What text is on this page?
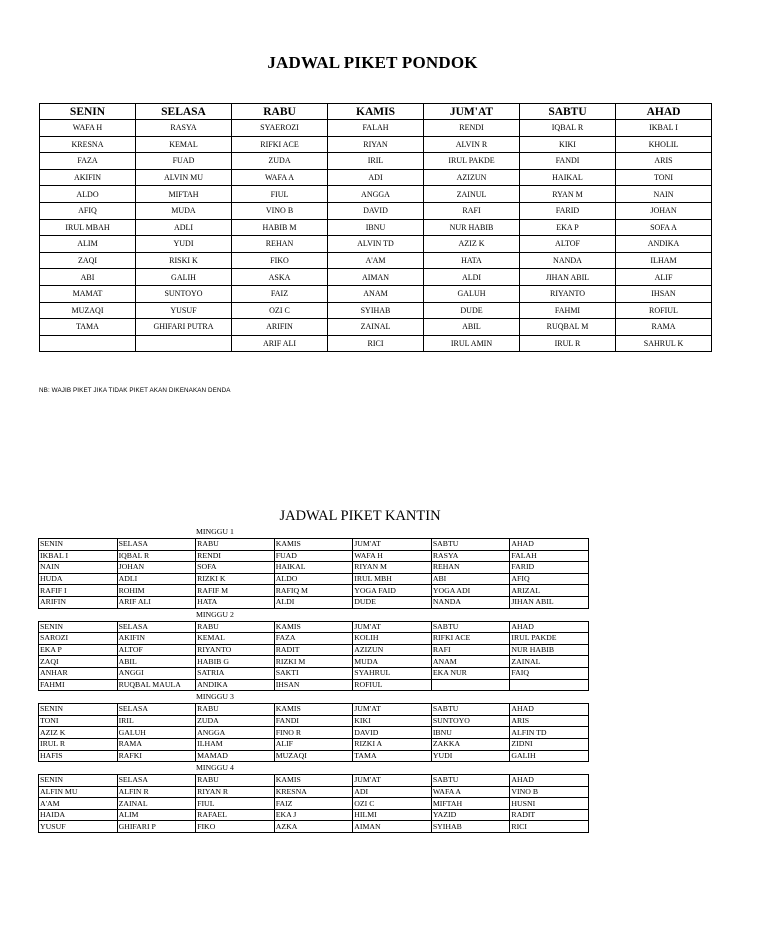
JADWAL PIKET PONDOK
SENIN	SELASA	RABU	KAMIS	JUM'AT	SABTU	AHAD
WAFA H	RASYA	SYAEROZI	FALAH	RENDI	IQBAL R	IKBAL I
KRESNA	KEMAL	RIFKI ACE	RIYAN	ALVIN R	KIKI	KHOLIL
FAZA	FUAD	ZUDA	IRIL	IRUL PAKDE	FANDI	ARIS
AKIFIN	ALVIN MU	WAFA A	ADI	AZIZUN	HAIKAL	TONI
ALDO	MIFTAH	FIUL	ANGGA	ZAINUL	RYAN M	NAIN
AFIQ	MUDA	VINO B	DAVID	RAFI	FARID	JOHAN
IRUL MBAH	ADLI	HABIB M	IBNU	NUR HABIB	EKA P	SOFA A
ALIM	YUDI	REHAN	ALVIN TD	AZIZ K	ALTOF	ANDIKA
ZAQI	RISKI K	FIKO	A'AM	HATA	NANDA	ILHAM
ABI	GALIH	ASKA	AIMAN	ALDI	JIHAN ABIL	ALIF
MAMAT	SUNTOYO	FAIZ	ANAM	GALUH	RIYANTO	IHSAN
MUZAQI	YUSUF	OZI C	SYIHAB	DUDE	FAHMI	ROFIUL
TAMA	GHIFARI PUTRA	ARIFIN	ZAINAL	ABIL	RUQBAL M	RAMA
		ARIF ALI	RICI	IRUL AMIN	IRUL R	SAHRUL K
NB: WAJIB PIKET JIKA TIDAK PIKET AKAN DIKENAKAN DENDA
JADWAL PIKET KANTIN
MINGGU 1
SENIN	SELASA	RABU	KAMIS	JUM'AT	SABTU	AHAD
IKBAL I	IQBAL R	RENDI	FUAD	WAFA H	RASYA	FALAH
NAIN	JOHAN	SOFA	HAIKAL	RIYAN M	REHAN	FARID
HUDA	ADLI	RIZKI K	ALDO	IRUL MBH	ABI	AFIQ
RAFIF I	ROHIM	RAFIF M	RAFIQ M	YOGA FAID	YOGA ADI	ARIZAL
ARIFIN	ARIF ALI	HATA	ALDI	DUDE	NANDA	JIHAN ABIL
MINGGU 2
SENIN	SELASA	RABU	KAMIS	JUM'AT	SABTU	AHAD
SAROZI	AKIFIN	KEMAL	FAZA	KOLIH	RIFKI ACE	IRUL PAKDE
EKA P	ALTOF	RIYANTO	RADIT	AZIZUN	RAFI	NUR HABIB
ZAQI	ABIL	HABIB G	RIZKI M	MUDA	ANAM	ZAINAL
ANHAR	ANGGI	SATRIA	SAKTI	SYAHRUL	EKA NUR	FAIQ
FAHMI	RUQBAL MAULA	ANDIKA	IHSAN	ROFIUL		
MINGGU 3
SENIN	SELASA	RABU	KAMIS	JUM'AT	SABTU	AHAD
TONI	IRIL	ZUDA	FANDI	KIKI	SUNTOYO	ARIS
AZIZ K	GALUH	ANGGA	FINO R	DAVID	IBNU	ALFIN TD
IRUL R	RAMA	ILHAM	ALIF	RIZKI A	ZAKKA	ZIDNI
HAFIS	RAFKI	MAMAD	MUZAQI	TAMA	YUDI	GALIH
MINGGU 4
SENIN	SELASA	RABU	KAMIS	JUM'AT	SABTU	AHAD
ALFIN MU	ALFIN R	RIYAN R	KRESNA	ADI	WAFA A	VINO B
A'AM	ZAINAL	FIUL	FAIZ	OZI C	MIFTAH	HUSNI
HAIDA	ALIM	RAFAEL	EKA J	HILMI	YAZID	RADIT
YUSUF	GHIFARI P	FIKO	AZKA	AIMAN	SYIHAB	RICI
